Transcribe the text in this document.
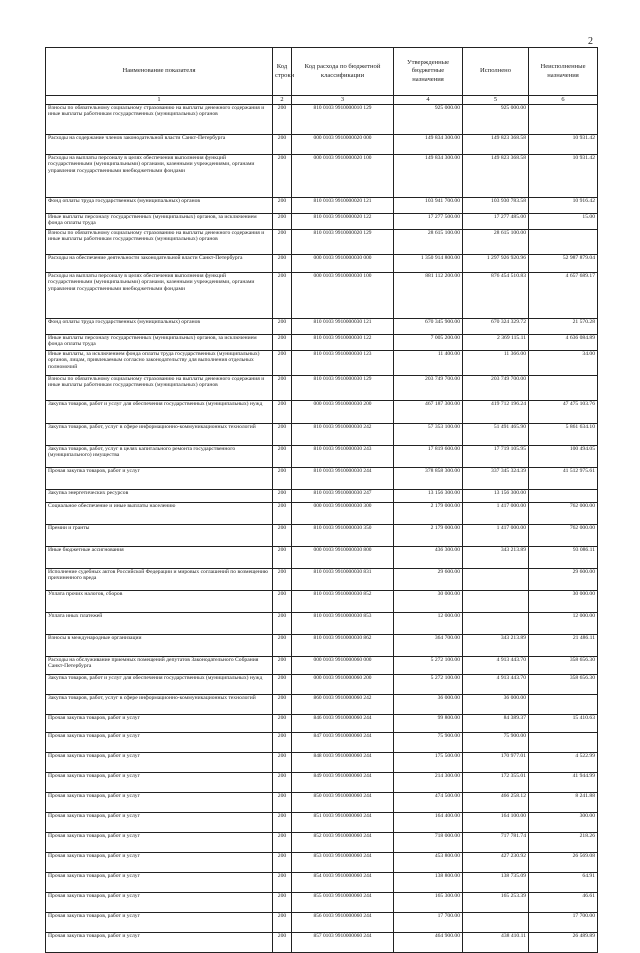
2
Наименование показателя	Код строки	Код расхода по бюджетной классификации	Утвержденные бюджетные назначения	Исполнено	Неисполненные назначения
1	2	3	4	5	6
Взносы по обязательному социальному страхованию на выплаты денежного содержания и иные выплаты работникам государственных (муниципальных) органов	200	810 0103 9910000010 129	925 000.00	925 000.00	
Расходы на содержание членов законодательной власти Санкт-Петербурга	200	000 0103 9910000020 000	149 834 300.00	149 823 368.58	10 931.42
Расходы на выплаты персоналу в целях обеспечения выполнения функций государственными (муниципальными) органами, казенными учреждениями, органами управления государственными внебюджетными фондами	200	000 0103 9910000020 100	149 834 300.00	149 823 368.58	10 931.42
Фонд оплаты труда государственных (муниципальных) органов	200	810 0103 9910000020 121	103 941 700.00	103 930 783.58	10 916.42
Иные выплаты персоналу государственных (муниципальных) органов, за исключением фонда оплаты труда	200	810 0103 9910000020 122	17 277 500.00	17 277 485.00	15.00
Взносы по обязательному социальному страхованию на выплаты денежного содержания и иные выплаты работникам государственных (муниципальных) органов	200	810 0103 9910000020 129	28 615 100.00	28 615 100.00	
Расходы на обеспечение деятельности законодательной власти Санкт-Петербурга	200	000 0103 9910000030 000	1 350 914 800.00	1 297 926 920.96	52 987 879.04
Расходы на выплаты персоналу в целях обеспечения выполнения функций государственными (муниципальными) органами, казенными учреждениями, органами управления государственными внебюджетными фондами	200	000 0103 9910000030 100	881 112 200.00	876 454 510.83	4 657 689.17
Фонд оплаты труда государственных (муниципальных) органов	200	810 0103 9910000030 121	670 345 900.00	670 324 329.72	21 570.28
Иные выплаты персоналу государственных (муниципальных) органов, за исключением фонда оплаты труда	200	810 0103 9910000030 122	7 005 200.00	2 369 115.11	4 636 084.89
Иные выплаты, за исключением фонда оплаты труда государственных (муниципальных) органов, лицам, привлекаемым согласно законодательству для выполнения отдельных полномочий	200	810 0103 9910000030 123	11 400.00	11 366.00	34.00
Взносы по обязательному социальному страхованию на выплаты денежного содержания и иные выплаты работникам государственных (муниципальных) органов	200	810 0103 9910000030 129	203 749 700.00	203 749 700.00	
Закупка товаров, работ и услуг для обеспечения государственных (муниципальных) нужд	200	000 0103 9910000030 200	467 187 300.00	419 712 196.24	47 475 103.76
Закупка товаров, работ, услуг в сфере информационно-коммуникационных технологий	200	810 0103 9910000030 242	57 353 100.00	51 491 465.90	5 861 634.10
Закупка товаров, работ, услуг в целях капитального ремонта государственного (муниципального) имущества	200	810 0103 9910000030 243	17 819 600.00	17 719 105.95	100 494.05
Прочая закупка товаров, работ и услуг	200	810 0103 9910000030 244	378 858 300.00	337 345 324.39	41 512 975.61
Закупка энергетических ресурсов	200	810 0103 9910000030 247	13 156 300.00	13 156 300.00	
Социальное обеспечение и иные выплаты населению	200	000 0103 9910000030 300	2 179 000.00	1 417 000.00	762 000.00
Премии и гранты	200	810 0103 9910000030 350	2 179 000.00	1 417 000.00	762 000.00
Иные бюджетные ассигнования	200	000 0103 9910000030 800	436 300.00	343 213.89	93 086.11
Исполнение судебных актов Российской Федерации и мировых соглашений по возмещению причиненного вреда	200	810 0103 9910000030 831	29 600.00		29 600.00
Уплата прочих налогов, сборов	200	810 0103 9910000030 852	30 000.00		30 000.00
Уплата иных платежей	200	810 0103 9910000030 853	12 000.00		12 000.00
Взносы в международные организации	200	810 0103 9910000030 862	364 700.00	343 213.89	21 486.11
Расходы на обслуживание приемных помещений депутатов Законодательного Собрания Санкт-Петербурга	200	000 0103 9910000060 000	5 272 100.00	4 913 443.70	358 656.30
Закупка товаров, работ и услуг для обеспечения государственных (муниципальных) нужд	200	000 0103 9910000060 200	5 272 100.00	4 913 443.70	358 656.30
Закупка товаров, работ, услуг в сфере информационно-коммуникационных технологий	200	860 0103 9910000060 242	36 000.00	36 000.00	
Прочая закупка товаров, работ и услуг	200	846 0103 9910000060 244	99 800.00	84 389.37	15 410.63
Прочая закупка товаров, работ и услуг	200	847 0103 9910000060 244	75 900.00	75 900.00	
Прочая закупка товаров, работ и услуг	200	848 0103 9910000060 244	175 500.00	170 977.01	4 522.99
Прочая закупка товаров, работ и услуг	200	849 0103 9910000060 244	214 300.00	172 355.01	41 944.99
Прочая закупка товаров, работ и услуг	200	850 0103 9910000060 244	474 500.00	466 258.12	8 241.88
Прочая закупка товаров, работ и услуг	200	851 0103 9910000060 244	164 400.00	164 100.00	300.00
Прочая закупка товаров, работ и услуг	200	852 0103 9910000060 244	718 000.00	717 781.74	218.26
Прочая закупка товаров, работ и услуг	200	853 0103 9910000060 244	453 800.00	427 230.92	26 569.08
Прочая закупка товаров, работ и услуг	200	854 0103 9910000060 244	138 800.00	138 735.09	64.91
Прочая закупка товаров, работ и услуг	200	855 0103 9910000060 244	165 300.00	165 253.39	46.61
Прочая закупка товаров, работ и услуг	200	856 0103 9910000060 244	17 700.00		17 700.00
Прочая закупка товаров, работ и услуг	200	857 0103 9910000060 244	464 900.00	438 410.11	26 489.89
